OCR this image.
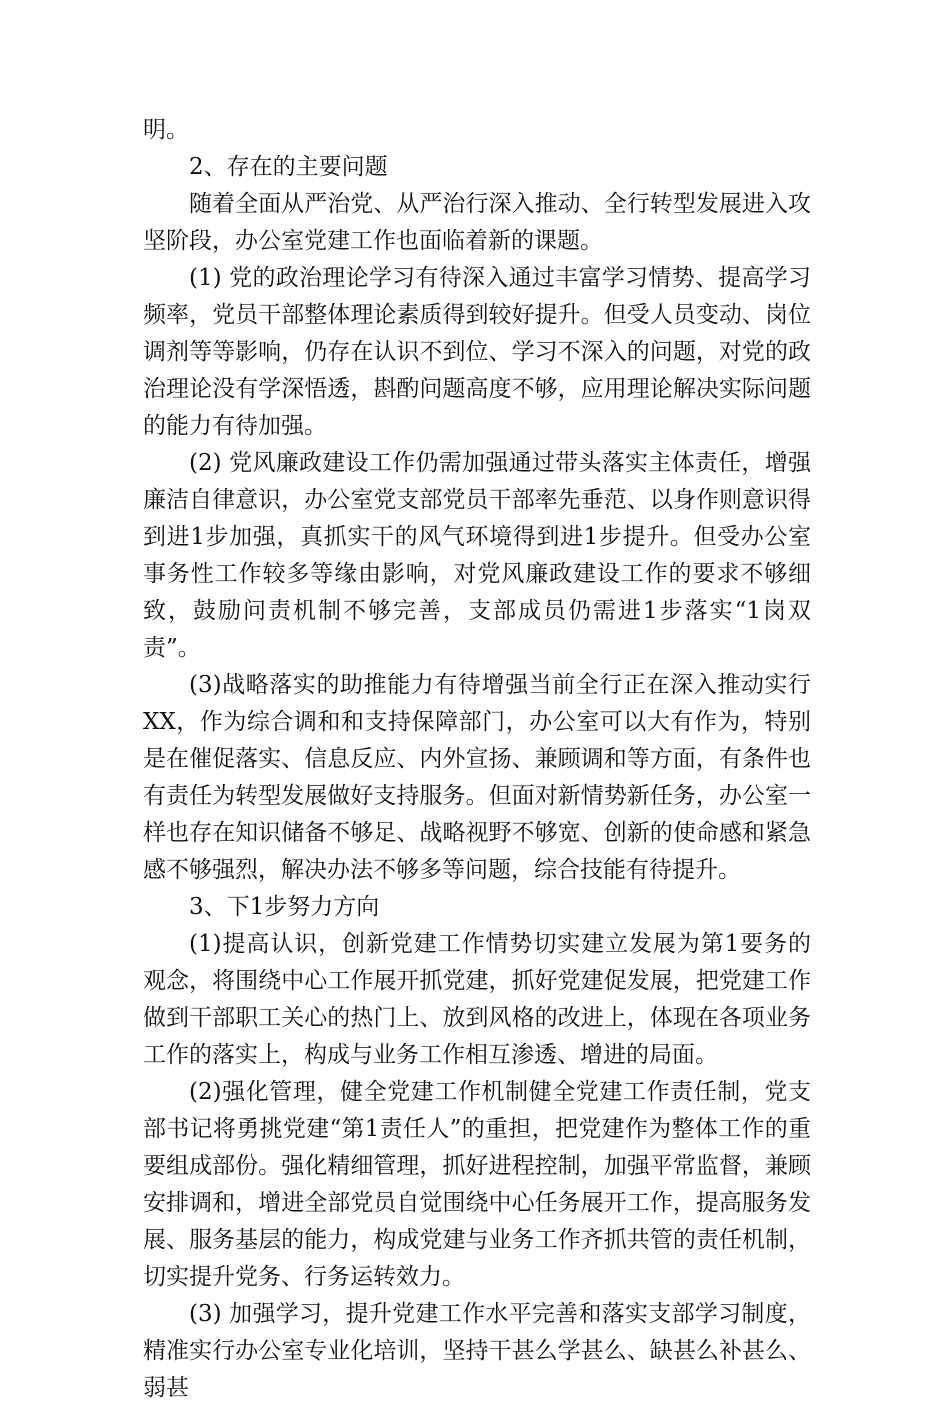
明。

2、存在的主要问题

随着全面从严治党、从严治行深入推动、全行转型发展进入攻坚阶段，办公室党建工作也面临着新的课题。

(1) 党的政治理论学习有待深入通过丰富学习情势、提高学习频率，党员干部整体理论素质得到较好提升。但受人员变动、岗位调剂等等影响，仍存在认识不到位、学习不深入的问题，对党的政治理论没有学深悟透，斟酌问题高度不够，应用理论解决实际问题的能力有待加强。

(2) 党风廉政建设工作仍需加强通过带头落实主体责任，增强廉洁自律意识，办公室党支部党员干部率先垂范、以身作则意识得到进1步加强，真抓实干的风气环境得到进1步提升。但受办公室事务性工作较多等缘由影响，对党风廉政建设工作的要求不够细致，鼓励问责机制不够完善，支部成员仍需进1步落实“1岗双责”。

(3)战略落实的助推能力有待增强当前全行正在深入推动实行XX，作为综合调和和支持保障部门，办公室可以大有作为，特别是在催促落实、信息反应、内外宣扬、兼顾调和等方面，有条件也有责任为转型发展做好支持服务。但面对新情势新任务，办公室一样也存在知识储备不够足、战略视野不够宽、创新的使命感和紧急感不够强烈，解决办法不够多等问题，综合技能有待提升。

3、下1步努力方向

(1)提高认识，创新党建工作情势切实建立发展为第1要务的观念，将围绕中心工作展开抓党建，抓好党建促发展，把党建工作做到干部职工关心的热门上、放到风格的改进上，体现在各项业务工作的落实上，构成与业务工作相互渗透、增进的局面。

(2)强化管理，健全党建工作机制健全党建工作责任制，党支部书记将勇挑党建“第1责任人”的重担，把党建作为整体工作的重要组成部份。强化精细管理，抓好进程控制，加强平常监督，兼顾安排调和，增进全部党员自觉围绕中心任务展开工作，提高服务发展、服务基层的能力，构成党建与业务工作齐抓共管的责任机制，切实提升党务、行务运转效力。

(3) 加强学习，提升党建工作水平完善和落实支部学习制度，精准实行办公室专业化培训，坚持干甚么学甚么、缺甚么补甚么、弱甚
